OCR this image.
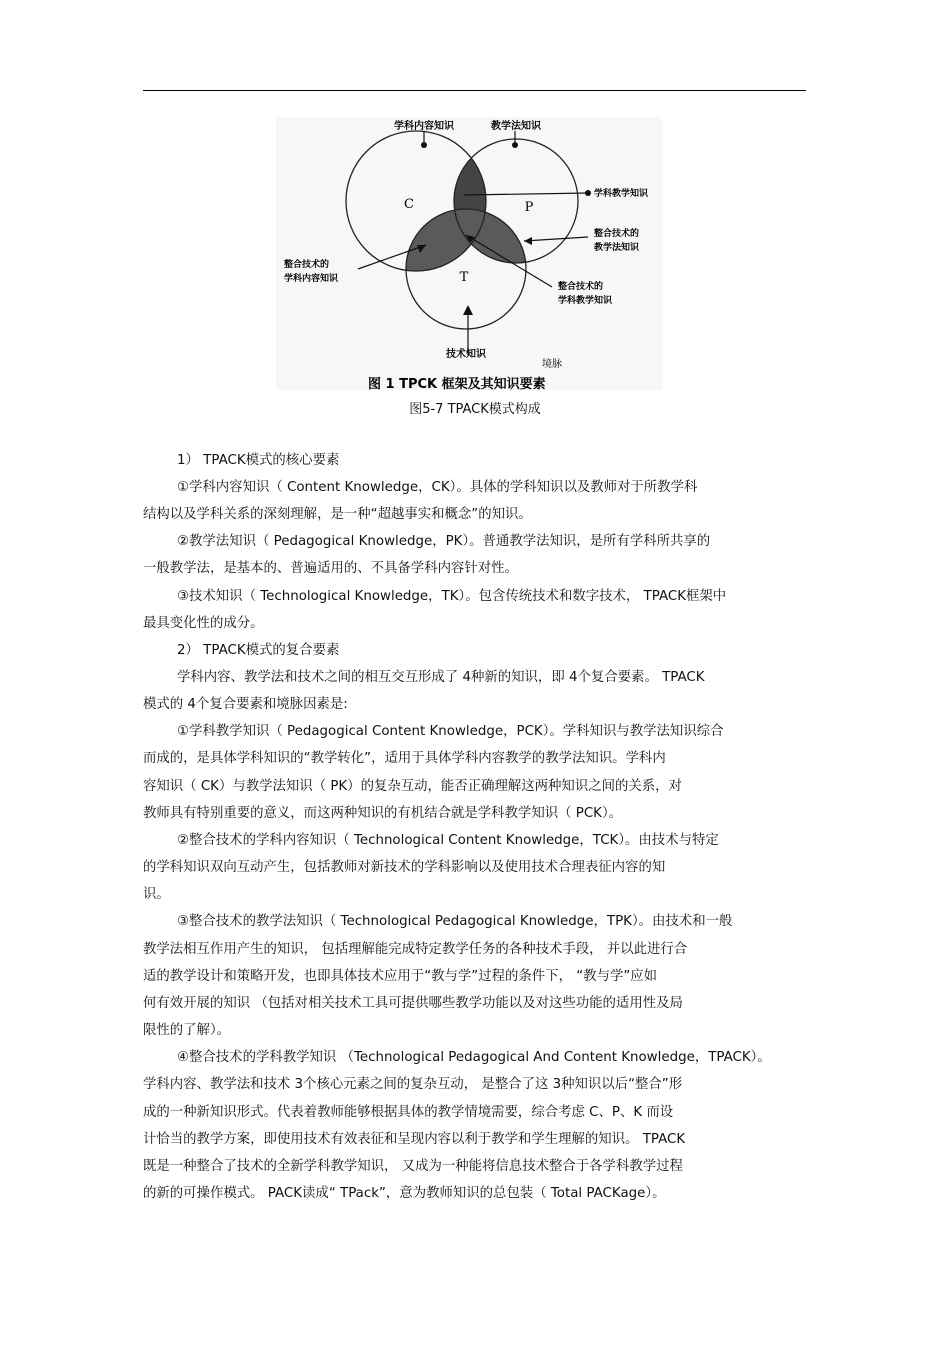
学科内容知识	教学法知识
C	P
T
学科教学知识
整合技术的
教学法知识
整合技术的
学科内容知识
整合技术的
学科教学知识
技术知识
境脉
图 1 TPCK 框架及其知识要素
图5-7 TPACK模式构成
1） TPACK模式的核心要素
①学科内容知识（ Content Knowledge，CK）。具体的学科知识以及教师对于所教学科
结构以及学科关系的深刻理解，是一种“超越事实和概念”的知识。
②教学法知识（ Pedagogical Knowledge，PK）。普通教学法知识，是所有学科所共享的
一般教学法，是基本的、普遍适用的、不具备学科内容针对性。
③技术知识（ Technological Knowledge，TK）。包含传统技术和数字技术， TPACK框架中
最具变化性的成分。
2） TPACK模式的复合要素
学科内容、教学法和技术之间的相互交互形成了 4种新的知识，即 4个复合要素。 TPACK
模式的 4个复合要素和境脉因素是:
①学科教学知识（ Pedagogical Content Knowledge，PCK）。学科知识与教学法知识综合
而成的，是具体学科知识的“教学转化”，适用于具体学科内容教学的教学法知识。学科内
容知识（ CK）与教学法知识（ PK）的复杂互动，能否正确理解这两种知识之间的关系，对
教师具有特别重要的意义，而这两种知识的有机结合就是学科教学知识（ PCK）。
②整合技术的学科内容知识（ Technological Content Knowledge，TCK）。由技术与特定
的学科知识双向互动产生，包括教师对新技术的学科影响以及使用技术合理表征内容的知
识。
③整合技术的教学法知识（ Technological Pedagogical Knowledge，TPK）。由技术和一般
教学法相互作用产生的知识， 包括理解能完成特定教学任务的各种技术手段， 并以此进行合
适的教学设计和策略开发，也即具体技术应用于“教与学”过程的条件下， “教与学”应如
何有效开展的知识 （包括对相关技术工具可提供哪些教学功能以及对这些功能的适用性及局
限性的了解）。
④整合技术的学科教学知识 （Technological Pedagogical And Content Knowledge，TPACK）。
学科内容、教学法和技术 3个核心元素之间的复杂互动， 是整合了这 3种知识以后“整合”形
成的一种新知识形式。代表着教师能够根据具体的教学情境需要，综合考虑 C、P、K 而设
计恰当的教学方案，即使用技术有效表征和呈现内容以利于教学和学生理解的知识。 TPACK
既是一种整合了技术的全新学科教学知识， 又成为一种能将信息技术整合于各学科教学过程
的新的可操作模式。 PACK读成“ TPack”，意为教师知识的总包装（ Total PACKage）。
